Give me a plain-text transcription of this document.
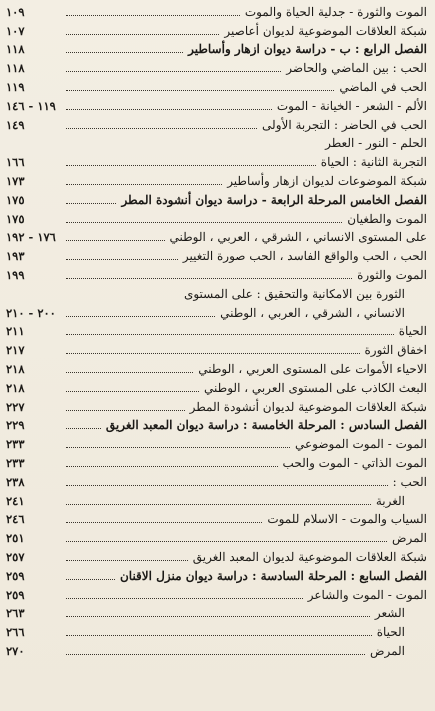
١٠٩	الموت والثورة - جدلية الحياة والموت
١٠٧	شبكة العلاقات الموضوعية لديوان أعاصير
١١٨	الفصل الرابع : ب - دراسة ديوان ازهار وأساطير
١١٨	الحب : بين الماضي والحاضر
١١٩	الحب في الماضي
١١٩ - ١٤٦	الألم - الشعر - الخيانة - الموت
١٤٩	الحب في الحاضر : التجربة الأولى
الحلم - النور - العطر
١٦٦	التجربة الثانية : الحياة
١٧٣	شبكة الموضوعات لديوان ازهار وأساطير
١٧٥	الفصل الخامس المرحلة الرابعة - دراسة ديوان أنشودة المطر
١٧٥	الموت والطغيان
١٧٦ - ١٩٢	على المستوى الانساني ، الشرقي ، العربي ، الوطني
١٩٣	الحب ، الحب والواقع الفاسد ، الحب صورة التغيير
١٩٩	الموت والثورة
الثورة بين الامكانية والتحقيق : على المستوى
٢٠٠ - ٢١٠	الانساني ، الشرقي ، العربي ، الوطني
٢١١	الحياة
٢١٧	اخفاق الثورة
٢١٨	الاحياء الأموات على المستوى العربي ، الوطني
٢١٨	البعث الكاذب على المستوى العربي ، الوطني
٢٢٧	شبكة العلاقات الموضوعية لديوان أنشودة المطر
٢٢٩	الفصل السادس : المرحلة الخامسة : دراسة ديوان المعبد الغريق
٢٣٣	الموت - الموت الموضوعي
٢٣٣	الموت الذاتي - الموت والحب
٢٣٨	الحب :
٢٤١	الغربة
٢٤٦	السياب والموت - الاسلام للموت
٢٥١	المرض
٢٥٧	شبكة العلاقات الموضوعية لديوان المعبد الغريق
٢٥٩	الفصل السابع : المرحلة السادسة : دراسة ديوان منزل الاقنان
٢٥٩	الموت - الموت والشاعر
٢٦٣	الشعر
٢٦٦	الحياة
٢٧٠	المرض
